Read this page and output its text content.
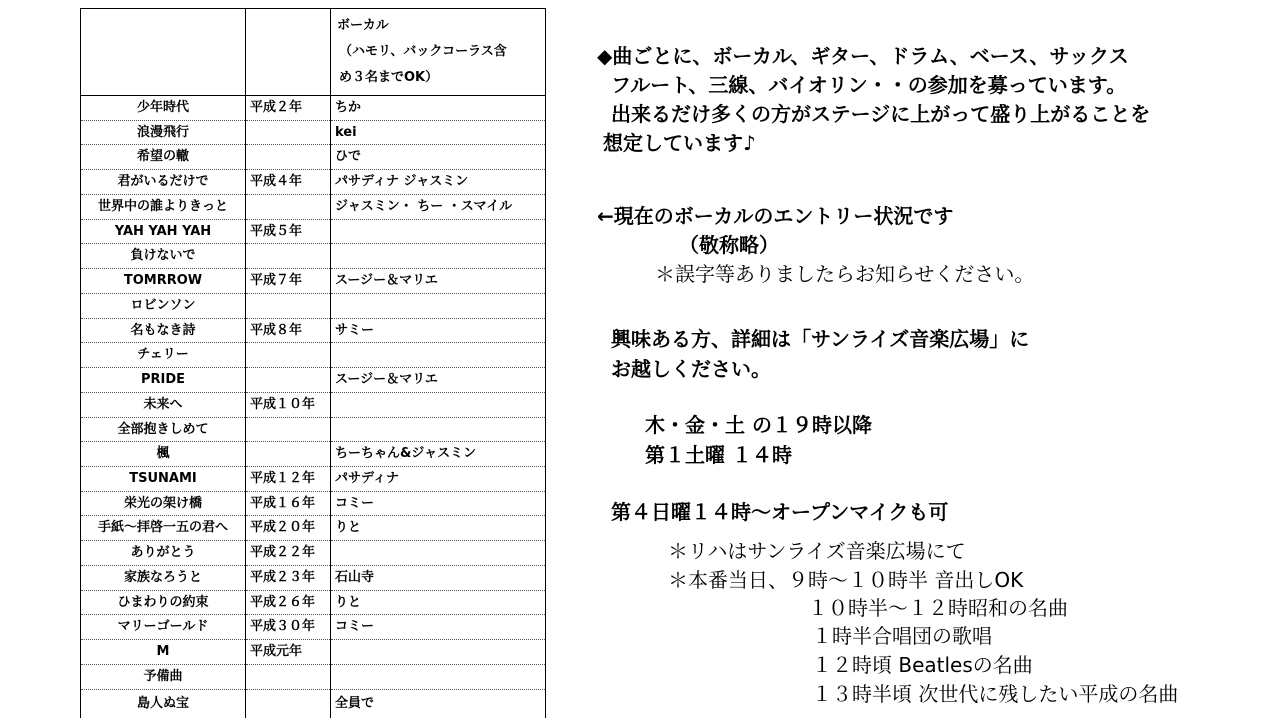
		ボーカル
（ハモリ、バックコーラス含
め３名までOK）

少年時代	平成２年	ちか
浪漫飛行		kei
希望の轍		ひで
君がいるだけで	平成４年	パサディナ ジャスミン
世界中の誰よりきっと		ジャスミン・ ちー ・スマイル
YAH YAH YAH	平成５年	
負けないで		
TOMRROW	平成７年	スージー＆マリエ
ロビンソン		
名もなき詩	平成８年	サミー
チェリー		
PRIDE		スージー＆マリエ
未来へ	平成１０年	
全部抱きしめて		
楓		ちーちゃん&ジャスミン
TSUNAMI	平成１２年	パサディナ
栄光の架け橋	平成１６年	コミー
手紙～拝啓一五の君へ	平成２０年	りと
ありがとう	平成２２年	
家族なろうと	平成２３年	石山寺
ひまわりの約束	平成２６年	りと
マリーゴールド	平成３０年	コミー
M	平成元年	
予備曲		
島人ぬ宝		全員で
◆曲ごとに、ボーカル、ギター、ドラム、ベース、サックス
フルート、三線、バイオリン・・の参加を募っています。
出来るだけ多くの方がステージに上がって盛り上がることを
想定しています♪
←現在のボーカルのエントリー状況です
（敬称略）
＊誤字等ありましたらお知らせください。
興味ある方、詳細は「サンライズ音楽広場」に
お越しください。
木・金・土 の１９時以降
第１土曜 １４時
第４日曜１４時～オープンマイクも可
＊リハはサンライズ音楽広場にて
＊本番当日、９時～１０時半 音出しOK
１０時半～１２時昭和の名曲
１時半合唱団の歌唱
１２時頃 Beatlesの名曲
１３時半頃 次世代に残したい平成の名曲
